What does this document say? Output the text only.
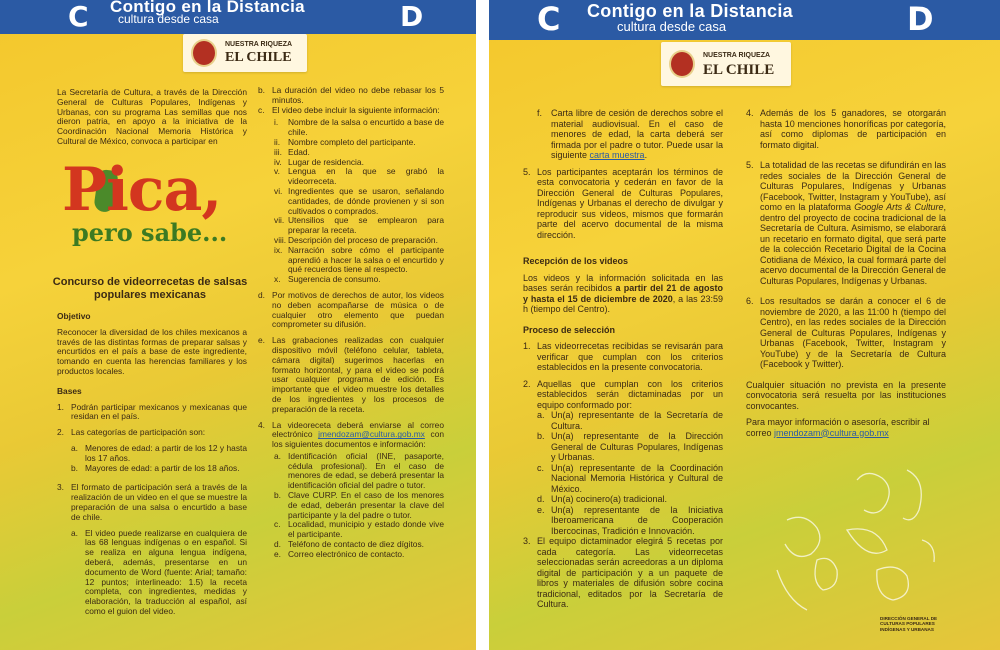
C Contigo en la Distancia
cultura desde casa	D
NUESTRA RIQUEZA
EL CHILE
La Secretaría de Cultura, a través de la Dirección General de Culturas Populares, Indígenas y Urbanas, con su programa Las semillas que nos dieron patria, en apoyo a la iniciativa de la Coordinación Nacional Memoria Histórica y Cultural de México, convoca a participar en
Pica,
pero sabe...
Concurso de videorrecetas de salsas populares mexicanas
Objetivo
Reconocer la diversidad de los chiles mexicanos a través de las distintas formas de preparar salsas y encurtidos en el país a base de este ingrediente, tomando en cuenta las herencias familiares y los productos locales.
Bases
1. Podrán participar mexicanos y mexicanas que residan en el país.
2. Las categorías de participación son:
a. Menores de edad: a partir de los 12 y hasta los 17 años.
b. Mayores de edad: a partir de los 18 años.
3. El formato de participación será a través de la realización de un video en el que se muestre la preparación de una salsa o encurtido a base de chile.
a. El video puede realizarse en cualquiera de las 68 lenguas indígenas o en español. Si se realiza en alguna lengua indígena, deberá, además, presentarse en un documento de Word (fuente: Arial; tamaño: 12 puntos; interlineado: 1.5) la receta completa, con ingredientes, medidas y elaboración, la traducción al español, así como el guion del video.
b. La duración del video no debe rebasar los 5 minutos.
c. El video debe incluir la siguiente información:
i. Nombre de la salsa o encurtido a base de chile.
ii. Nombre completo del participante.
iii. Edad.
iv. Lugar de residencia.
v. Lengua en la que se grabó la videorreceta.
vi. Ingredientes que se usaron, señalando cantidades, de dónde provienen y si son cultivados o comprados.
vii. Utensilios que se emplearon para preparar la receta.
viii. Descripción del proceso de preparación.
ix. Narración sobre cómo el participante aprendió a hacer la salsa o el encurtido y qué recuerdos tiene al respecto.
x. Sugerencia de consumo.
d. Por motivos de derechos de autor, los videos no deben acompañarse de música o de cualquier otro elemento que puedan comprometer su difusión.
e. Las grabaciones realizadas con cualquier dispositivo móvil (teléfono celular, tableta, cámara digital) sugerimos hacerlas en formato horizontal, y para el video se podrá usar cualquier programa de edición. Es importante que el video muestre los detalles de los ingredientes y los procesos de preparación de la receta.
4. La videoreceta deberá enviarse al correo electrónico jmendozam@cultura.gob.mx con los siguientes documentos e información:
a. Identificación oficial (INE, pasaporte, cédula profesional). En el caso de menores de edad, se deberá presentar la identificación oficial del padre o tutor.
b. Clave CURP. En el caso de los menores de edad, deberán presentar la clave del participante y la del padre o tutor.
c. Localidad, municipio y estado donde vive el participante.
d. Teléfono de contacto de diez dígitos.
e. Correo electrónico de contacto.
C Contigo en la Distancia
cultura desde casa	D
NUESTRA RIQUEZA
EL CHILE
f. Carta libre de cesión de derechos sobre el material audiovisual. En el caso de menores de edad, la carta deberá ser firmada por el padre o tutor. Puede usar la siguiente carta muestra.
5. Los participantes aceptarán los términos de esta convocatoria y cederán en favor de la Dirección General de Culturas Populares, Indígenas y Urbanas el derecho de divulgar y reproducir sus videos, mismos que formarán parte del acervo documental de la misma dirección.
Recepción de los videos
Los videos y la información solicitada en las bases serán recibidos a partir del 21 de agosto y hasta el 15 de diciembre de 2020, a las 23:59 h (tiempo del Centro).
Proceso de selección
1. Las videorrecetas recibidas se revisarán para verificar que cumplan con los criterios establecidos en la presente convocatoria.
2. Aquellas que cumplan con los criterios establecidos serán dictaminadas por un equipo conformado por:
a. Un(a) representante de la Secretaría de Cultura.
b. Un(a) representante de la Dirección General de Culturas Populares, Indígenas y Urbanas.
c. Un(a) representante de la Coordinación Nacional Memoria Histórica y Cultural de México.
d. Un(a) cocinero(a) tradicional.
e. Un(a) representante de la Iniciativa Iberoamericana de Cooperación Ibercocinas, Tradición e Innovación.
3. El equipo dictaminador elegirá 5 recetas por cada categoría. Las videorrecetas seleccionadas serán acreedoras a un diploma digital de participación y a un paquete de libros y materiales de difusión sobre cocina tradicional, editados por la Secretaría de Cultura.
4. Además de los 5 ganadores, se otorgarán hasta 10 menciones honoríficas por categoría, así como diplomas de participación en formato digital.
5. La totalidad de las recetas se difundirán en las redes sociales de la Dirección General de Culturas Populares, Indígenas y Urbanas (Facebook, Twitter, Instagram y YouTube), así como en la plataforma Google Arts & Culture, dentro del proyecto de cocina tradicional de la Secretaría de Cultura. Asimismo, se elaborará un recetario en formato digital, que será parte de la colección Recetario Digital de la Cocina Cotidiana de México, la cual formará parte del acervo documental de la Dirección General de Culturas Populares, Indígenas y Urbanas.
6. Los resultados se darán a conocer el 6 de noviembre de 2020, a las 11:00 h (tiempo del Centro), en las redes sociales de la Dirección General de Culturas Populares, Indígenas y Urbanas (Facebook, Twitter, Instagram y YouTube) y de la Secretaría de Cultura (Facebook y Twitter).
Cualquier situación no prevista en la presente convocatoria será resuelta por las instituciones convocantes.
Para mayor información o asesoría, escribir al correo jmendozam@cultura.gob.mx
DIRECCIÓN GENERAL DE CULTURAS POPULARES INDÍGENAS Y URBANAS
